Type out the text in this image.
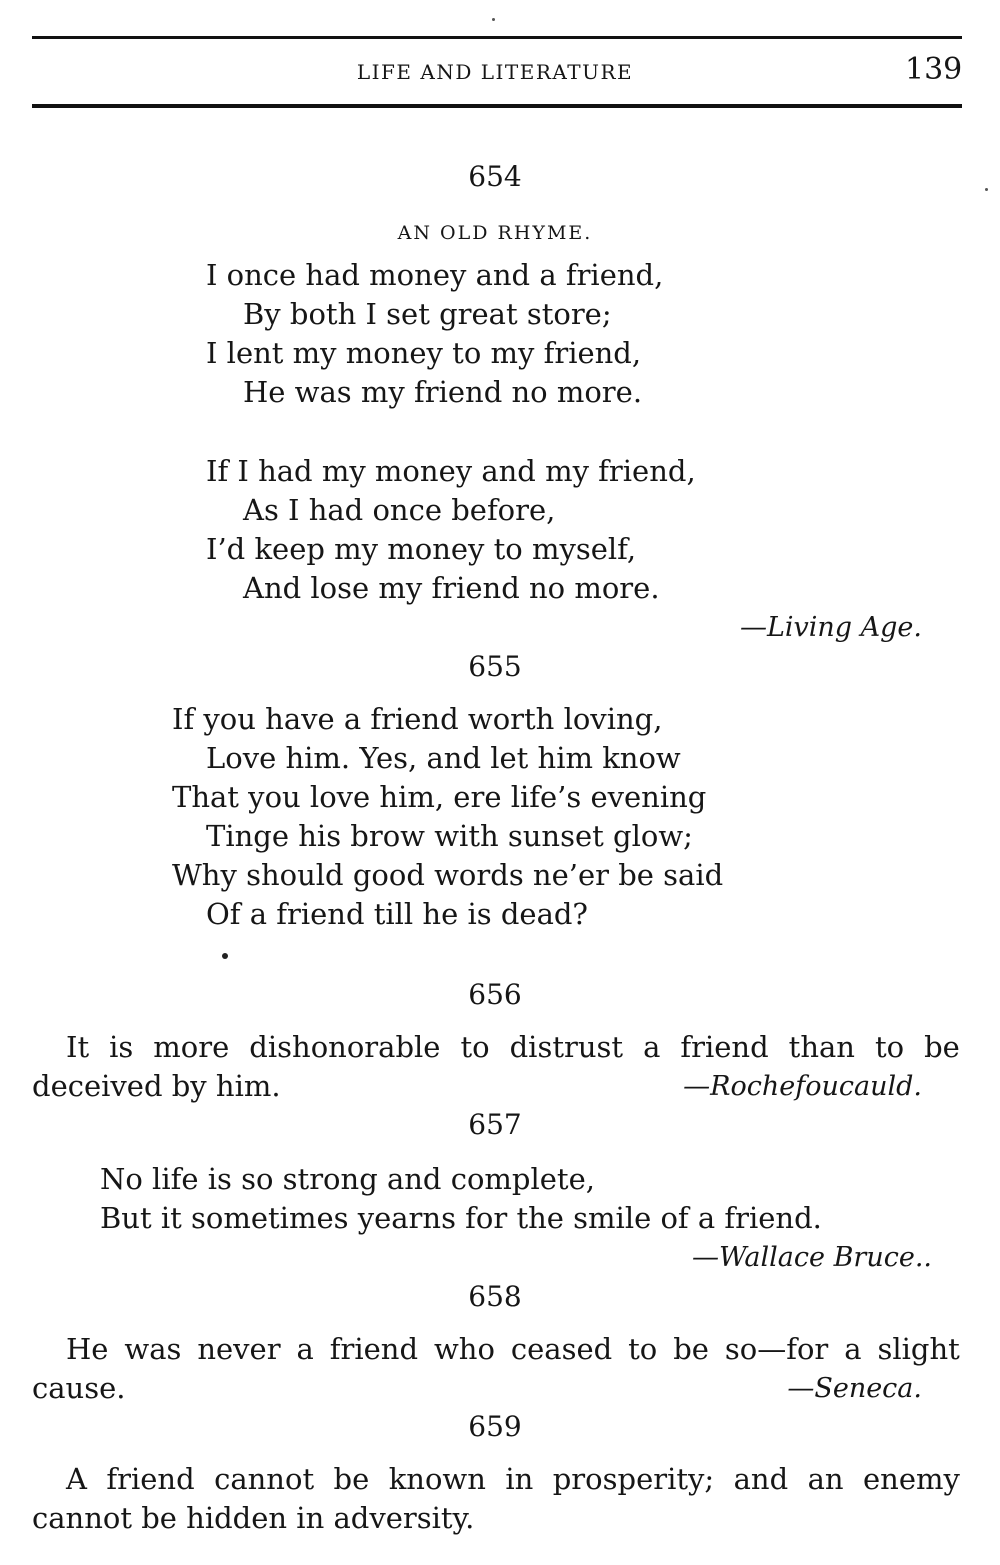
LIFE AND LITERATURE	139
654
AN OLD RHYME.
I once had money and a friend,
By both I set great store;
I lent my money to my friend,
He was my friend no more.
If I had my money and my friend,
As I had once before,
I’d keep my money to myself,
And lose my friend no more.
—Living Age.
655
If you have a friend worth loving,
Love him. Yes, and let him know
That you love him, ere life’s evening
Tinge his brow with sunset glow;
Why should good words ne’er be said
Of a friend till he is dead?
656
It is more dishonorable to distrust a friend than to be
deceived by him.	—Rochefoucauld.
657
No life is so strong and complete,
But it sometimes yearns for the smile of a friend.
—Wallace Bruce..
658
He was never a friend who ceased to be so—for a slight
cause.	—Seneca.
659
A friend cannot be known in prosperity; and an enemy
cannot be hidden in adversity.
